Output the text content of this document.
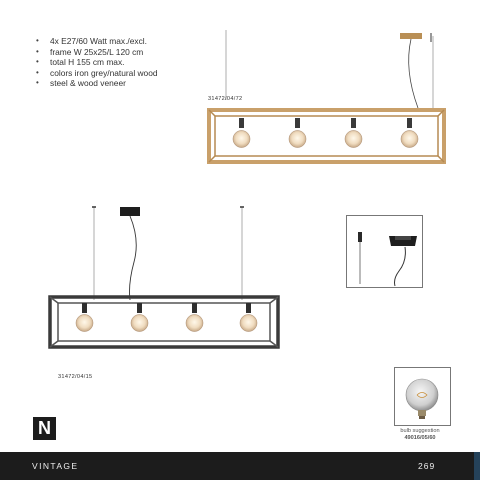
• 4x E27/60 Watt max./excl.
• frame W 25x25/L 120 cm
• total H 155 cm max.
• colors iron grey/natural wood
• steel & wood veneer
31472/04/72
31472/04/15
bulb suggestion
49016/05/60
N
VINTAGE	269
